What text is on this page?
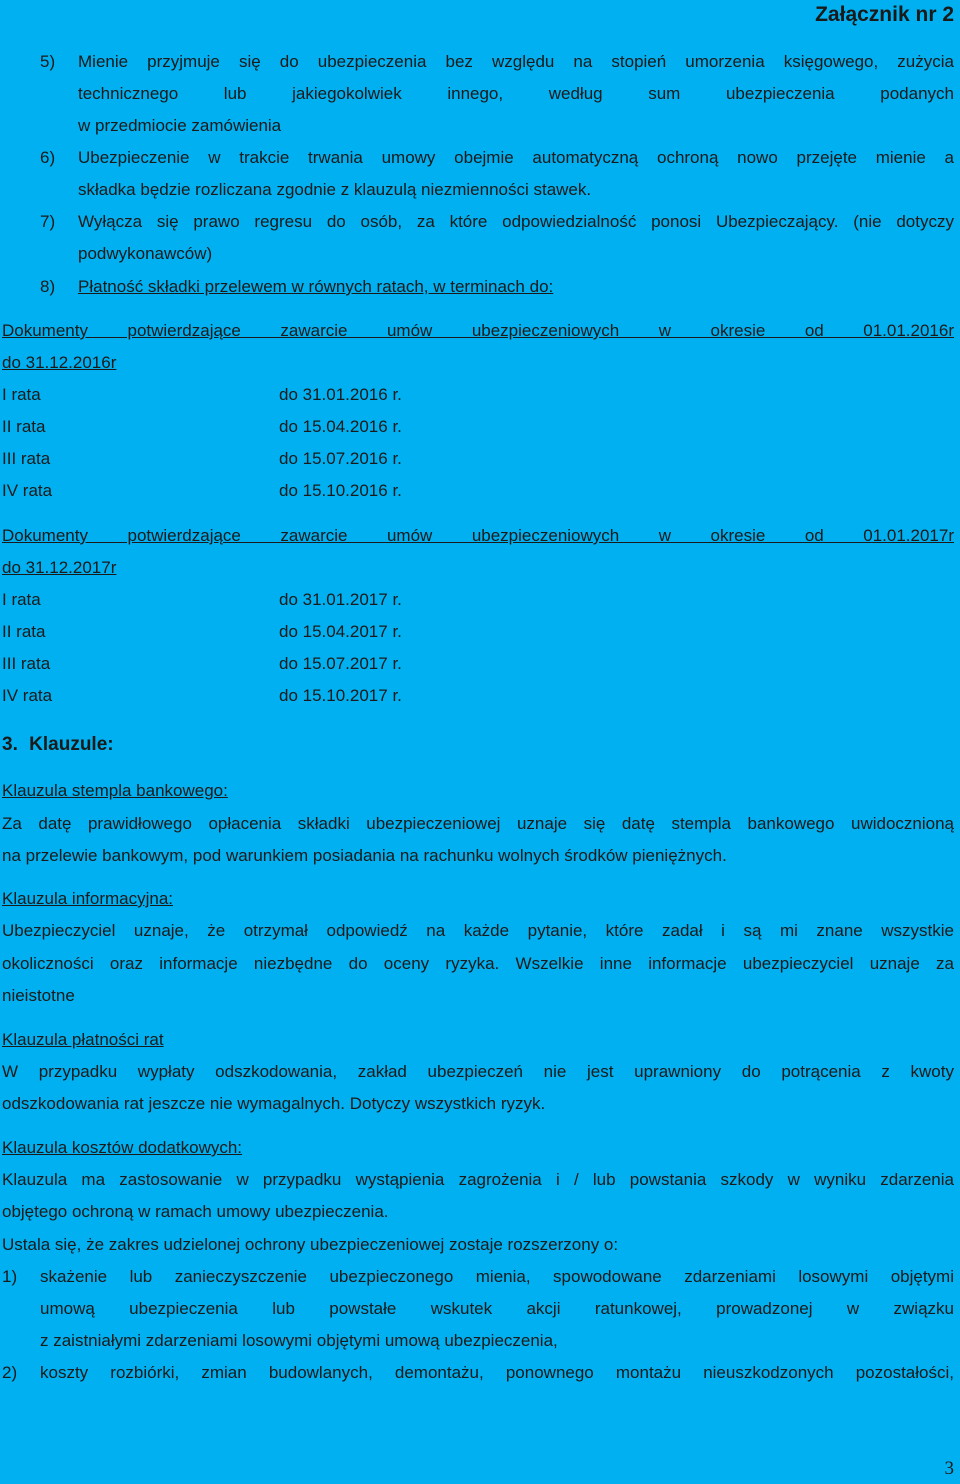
Załącznik nr 2
5) Mienie przyjmuje się do ubezpieczenia bez względu na stopień umorzenia księgowego, zużycia
technicznego lub jakiegokolwiek innego, według sum ubezpieczenia podanych
w przedmiocie zamówienia
6) Ubezpieczenie w trakcie trwania umowy obejmie automatyczną ochroną nowo przejęte mienie a
składka będzie rozliczana zgodnie z klauzulą niezmienności stawek.
7) Wyłącza się prawo regresu do osób, za które odpowiedzialność ponosi Ubezpieczający. (nie dotyczy
podwykonawców)
8) Płatność składki przelewem w równych ratach, w terminach do:
Dokumenty potwierdzające zawarcie umów ubezpieczeniowych w okresie od 01.01.2016r
do 31.12.2016r
I rata	do 31.01.2016 r.
II rata	do 15.04.2016 r.
III rata	do 15.07.2016 r.
IV rata	do 15.10.2016 r.
Dokumenty potwierdzające zawarcie umów ubezpieczeniowych w okresie od 01.01.2017r
do 31.12.2017r
I rata	do 31.01.2017 r.
II rata	do 15.04.2017 r.
III rata	do 15.07.2017 r.
IV rata	do 15.10.2017 r.
3. Klauzule:
Klauzula stempla bankowego:
Za datę prawidłowego opłacenia składki ubezpieczeniowej uznaje się datę stempla bankowego uwidocznioną
na przelewie bankowym, pod warunkiem posiadania na rachunku wolnych środków pieniężnych.
Klauzula informacyjna:
Ubezpieczyciel uznaje, że otrzymał odpowiedź na każde pytanie, które zadał i są mi znane wszystkie
okoliczności oraz informacje niezbędne do oceny ryzyka. Wszelkie inne informacje ubezpieczyciel uznaje za
nieistotne
Klauzula płatności rat
W przypadku wypłaty odszkodowania, zakład ubezpieczeń nie jest uprawniony do potrącenia z kwoty
odszkodowania rat jeszcze nie wymagalnych. Dotyczy wszystkich ryzyk.
Klauzula kosztów dodatkowych:
Klauzula ma zastosowanie w przypadku wystąpienia zagrożenia i / lub powstania szkody w wyniku zdarzenia
objętego ochroną w ramach umowy ubezpieczenia.
Ustala się, że zakres udzielonej ochrony ubezpieczeniowej zostaje rozszerzony o:
1) skażenie lub zanieczyszczenie ubezpieczonego mienia, spowodowane zdarzeniami losowymi objętymi
umową ubezpieczenia lub powstałe wskutek akcji ratunkowej, prowadzonej w związku
z zaistniałymi zdarzeniami losowymi objętymi umową ubezpieczenia,
2) koszty rozbiórki, zmian budowlanych, demontażu, ponownego montażu nieuszkodzonych pozostałości,
3
